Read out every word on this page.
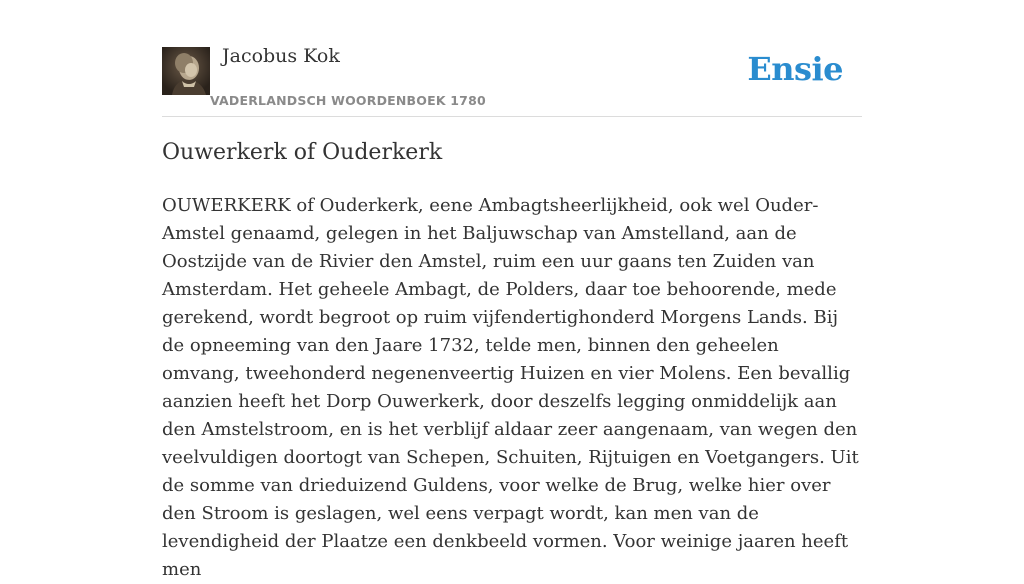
Jacobus Kok
VADERLANDSCH WOORDENBOEK 1780
Ensie
Ouwerkerk of Ouderkerk

OUWERKERK of Ouderkerk, eene Ambagtsheerlijkheid, ook wel Ouder-Amstel genaamd, gelegen in het Baljuwschap van Amstelland, aan de Oostzijde van de Rivier den Amstel, ruim een uur gaans ten Zuiden van Amsterdam. Het geheele Ambagt, de Polders, daar toe behoorende, mede gerekend, wordt begroot op ruim vijfendertighonderd Morgens Lands. Bij de opneeming van den Jaare 1732, telde men, binnen den geheelen omvang, tweehonderd negenenveertig Huizen en vier Molens. Een bevallig aanzien heeft het Dorp Ouwerkerk, door deszelfs legging onmiddelijk aan den Amstelstroom, en is het verblijf aldaar zeer aangenaam, van wegen den veelvuldigen doortogt van Schepen, Schuiten, Rijtuigen en Voetgangers. Uit de somme van drieduizend Guldens, voor welke de Brug, welke hier over den Stroom is geslagen, wel eens verpagt wordt, kan men van de levendigheid der Plaatze een denkbeeld vormen. Voor weinige jaaren heeft men
